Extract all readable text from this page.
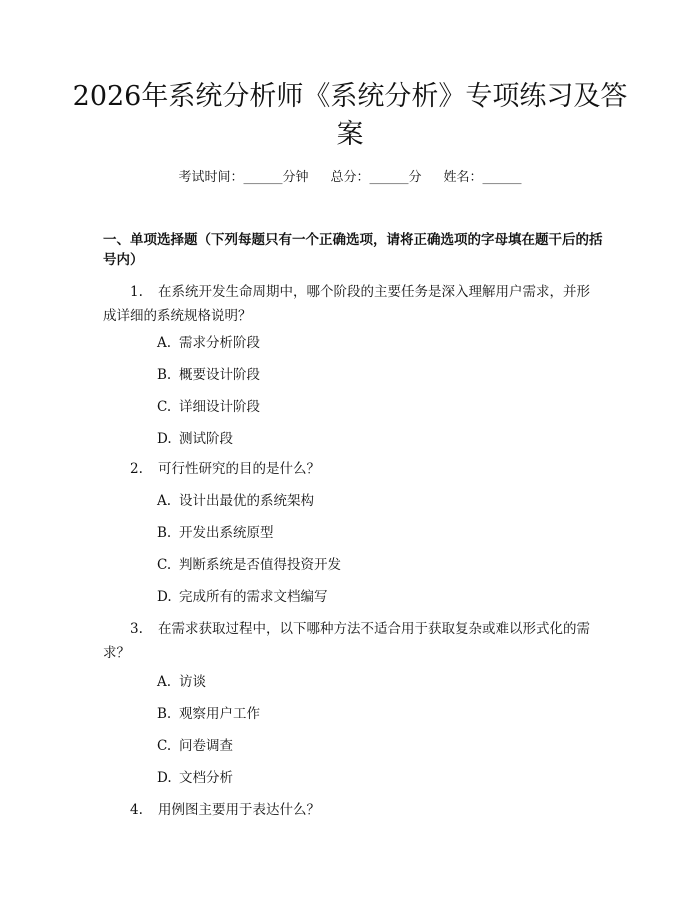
2026年系统分析师《系统分析》专项练习及答案
考试时间：______分钟 总分：______分 姓名：______
一、单项选择题（下列每题只有一个正确选项，请将正确选项的字母填在题干后的括号内）
1. 在系统开发生命周期中，哪个阶段的主要任务是深入理解用户需求，并形成详细的系统规格说明？
A. 需求分析阶段
B. 概要设计阶段
C. 详细设计阶段
D. 测试阶段
2. 可行性研究的目的是什么？
A. 设计出最优的系统架构
B. 开发出系统原型
C. 判断系统是否值得投资开发
D. 完成所有的需求文档编写
3. 在需求获取过程中，以下哪种方法不适合用于获取复杂或难以形式化的需求？
A. 访谈
B. 观察用户工作
C. 问卷调查
D. 文档分析
4. 用例图主要用于表达什么？
